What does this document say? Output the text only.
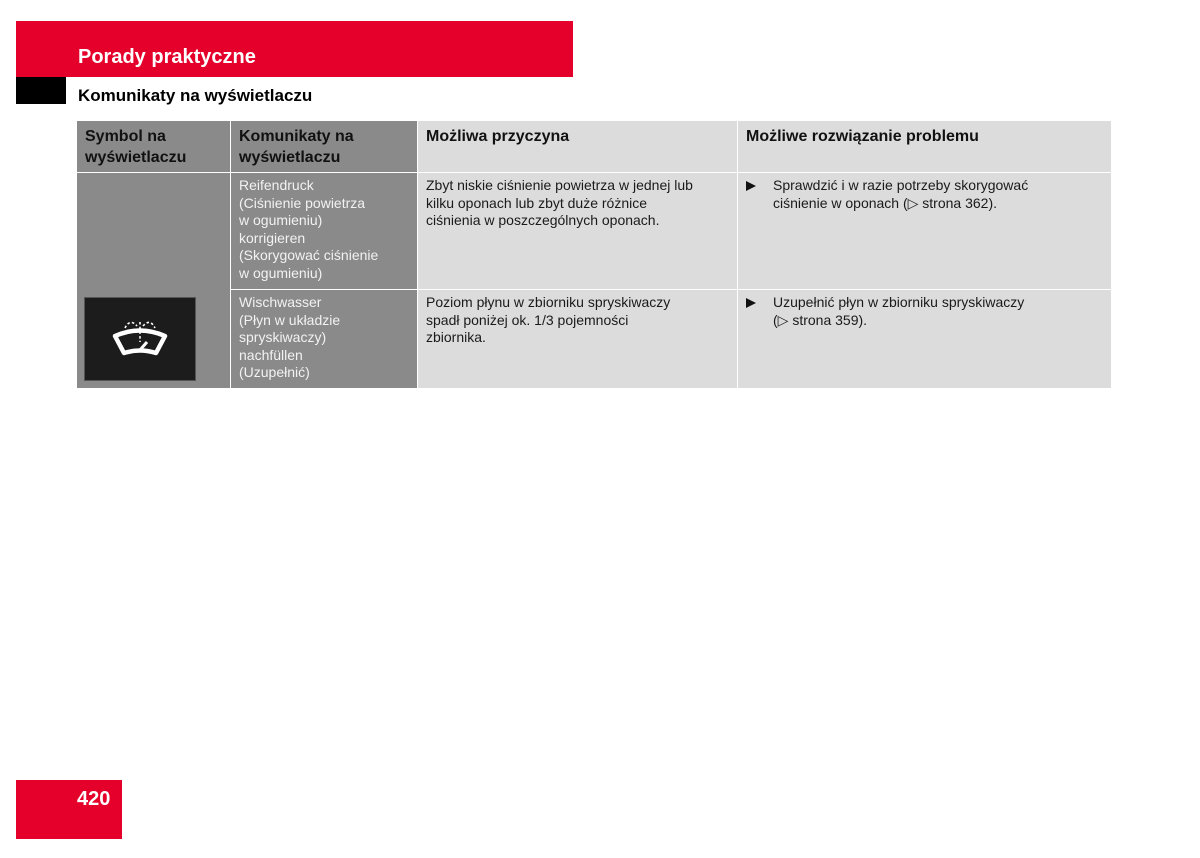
Porady praktyczne
Komunikaty na wyświetlaczu
Symbol na
wyświetlaczu
Komunikaty na
wyświetlaczu
Możliwa przyczyna	Możliwe rozwiązanie problemu
Reifendruck
(Ciśnienie powietrza
w ogumieniu)
korrigieren
(Skorygować ciśnienie
w ogumieniu)
Zbyt niskie ciśnienie powietrza w jednej lub
kilku oponach lub zbyt duże różnice
ciśnienia w poszczególnych oponach.
Sprawdzić i w razie potrzeby skorygować
ciśnienie w oponach (▷ strona 362).
Wischwasser
(Płyn w układzie
spryskiwaczy)
nachfüllen
(Uzupełnić)
Poziom płynu w zbiorniku spryskiwaczy
spadł poniżej ok. 1/3 pojemności
zbiornika.
Uzupełnić płyn w zbiorniku spryskiwaczy
(▷ strona 359).
420
